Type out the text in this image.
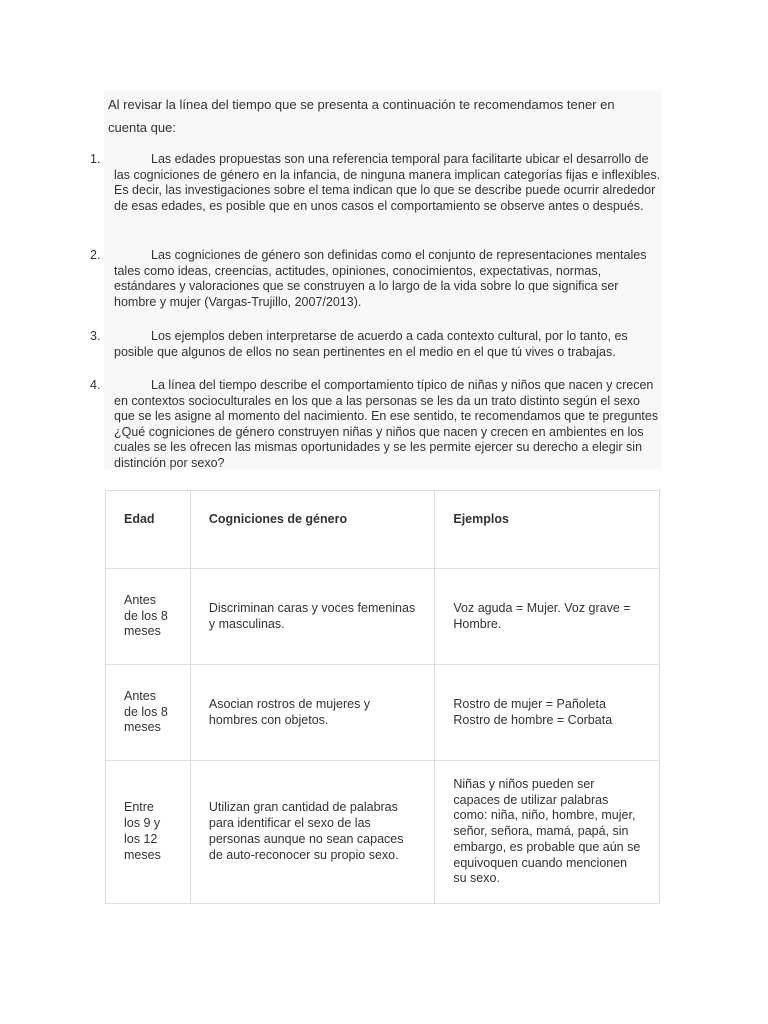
Al revisar la línea del tiempo que se presenta a continuación te recomendamos tener en cuenta que:

1.	Las edades propuestas son una referencia temporal para facilitarte ubicar el desarrollo de las cogniciones de género en la infancia, de ninguna manera implican categorías fijas e inflexibles. Es decir, las investigaciones sobre el tema indican que lo que se describe puede ocurrir alrededor de esas edades, es posible que en unos casos el comportamiento se observe antes o después.
2.	Las cogniciones de género son definidas como el conjunto de representaciones mentales tales como ideas, creencias, actitudes, opiniones, conocimientos, expectativas, normas, estándares y valoraciones que se construyen a lo largo de la vida sobre lo que significa ser hombre y mujer (Vargas-Trujillo, 2007/2013).
3.	Los ejemplos deben interpretarse de acuerdo a cada contexto cultural, por lo tanto, es posible que algunos de ellos no sean pertinentes en el medio en el que tú vives o trabajas.
4.	La línea del tiempo describe el comportamiento típico de niñas y niños que nacen y crecen en contextos socioculturales en los que a las personas se les da un trato distinto según el sexo que se les asigne al momento del nacimiento. En ese sentido, te recomendamos que te preguntes ¿Qué cogniciones de género construyen niñas y niños que nacen y crecen en ambientes en los cuales se les ofrecen las mismas oportunidades y se les permite ejercer su derecho a elegir sin distinción por sexo?
Edad	Cogniciones de género	Ejemplos
Antes de los 8 meses	Discriminan caras y voces femeninas y masculinas.	Voz aguda = Mujer. Voz grave = Hombre.
Antes de los 8 meses	Asocian rostros de mujeres y hombres con objetos.	Rostro de mujer = Pañoleta
Rostro de hombre = Corbata

Entre los 9 y los 12 meses	Utilizan gran cantidad de palabras para identificar el sexo de las personas aunque no sean capaces de auto-reconocer su propio sexo.	Niñas y niños pueden ser capaces de utilizar palabras como: niña, niño, hombre, mujer, señor, señora, mamá, papá, sin embargo, es probable que aún se equivoquen cuando mencionen su sexo.
